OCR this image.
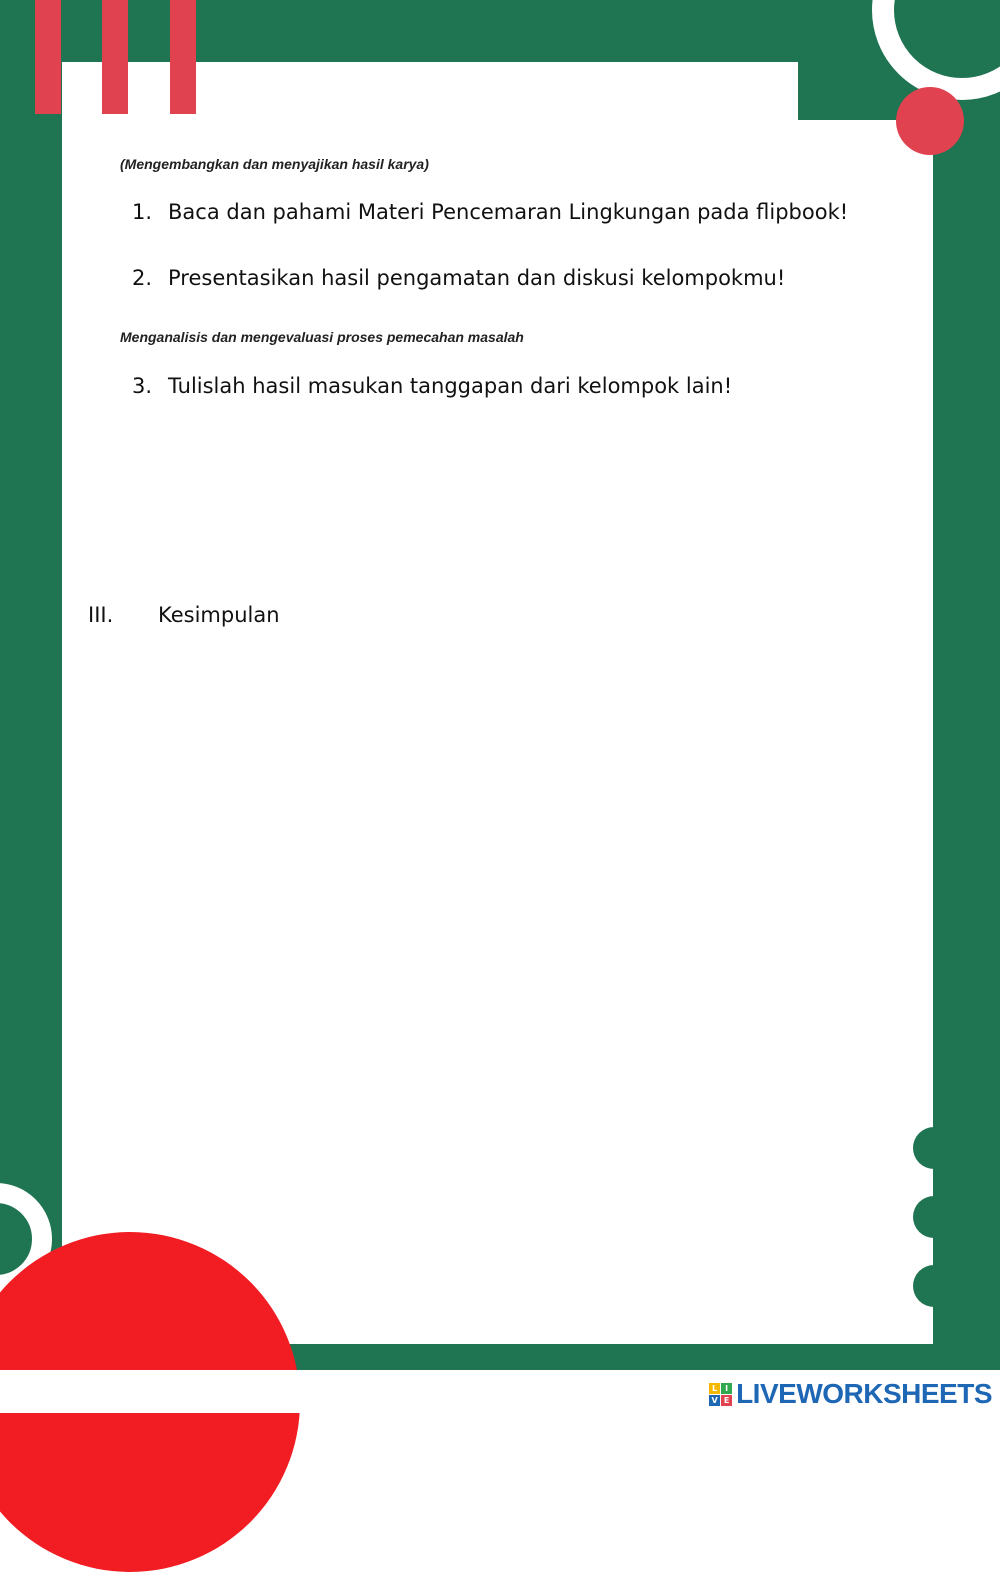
(Mengembangkan dan menyajikan hasil karya)
1. Baca dan pahami Materi Pencemaran Lingkungan pada flipbook!
2. Presentasikan hasil pengamatan dan diskusi kelompokmu!
Menganalisis dan mengevaluasi proses pemecahan masalah
3. Tulislah hasil masukan tanggapan dari kelompok lain!
III. Kesimpulan
L I
V E LIVEWORKSHEETS
